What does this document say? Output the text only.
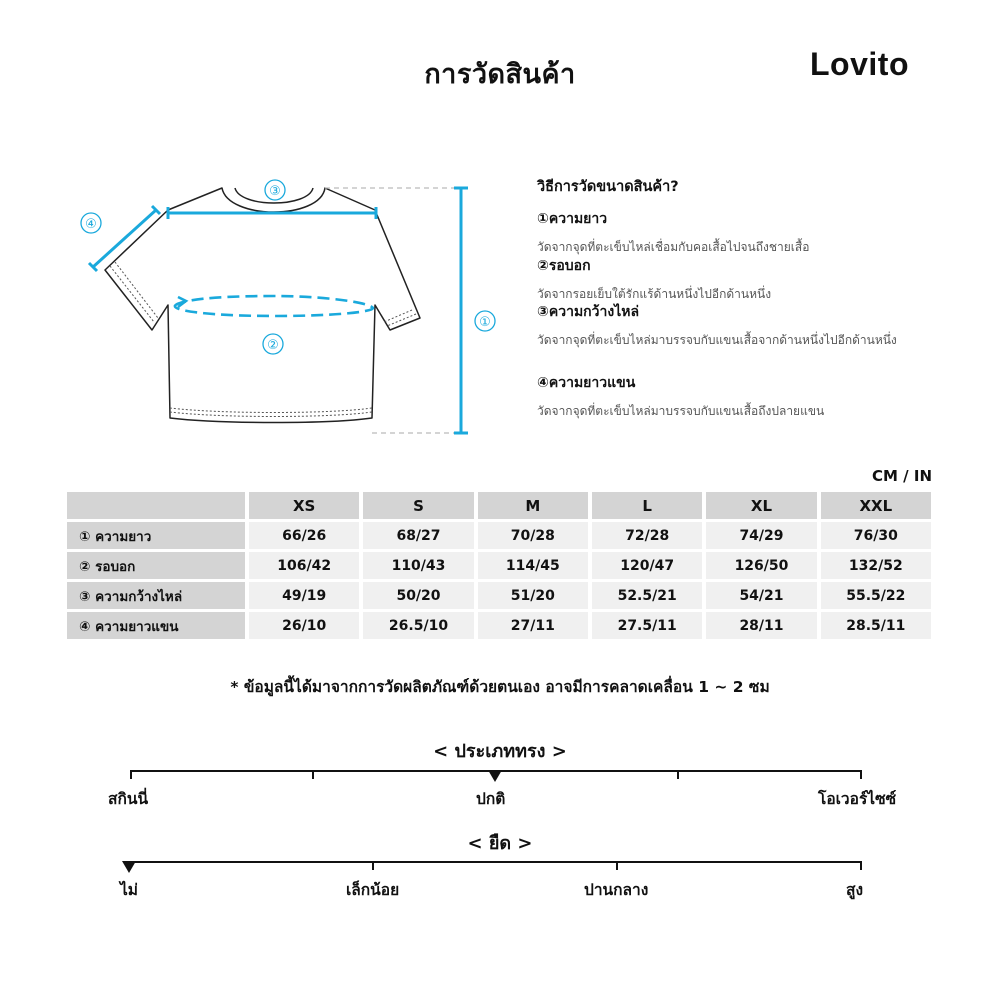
การวัดสินค้า	Lovito
①
②
③
④
วิธีการวัดขนาดสินค้า?
①ความยาว
วัดจากจุดที่ตะเข็บไหล่เชื่อมกับคอเสื้อไปจนถึงชายเสื้อ
②รอบอก
วัดจากรอยเย็บใต้รักแร้ด้านหนึ่งไปอีกด้านหนึ่ง
③ความกว้างไหล่
วัดจากจุดที่ตะเข็บไหล่มาบรรจบกับแขนเสื้อจากด้านหนึ่งไปอีกด้านหนึ่ง
④ความยาวแขน
วัดจากจุดที่ตะเข็บไหล่มาบรรจบกับแขนเสื้อถึงปลายแขน
CM / IN
	XS	S	M	L	XL	XXL
① ความยาว	66/26	68/27	70/28	72/28	74/29	76/30
② รอบอก	106/42	110/43	114/45	120/47	126/50	132/52
③ ความกว้างไหล่	49/19	50/20	51/20	52.5/21	54/21	55.5/22
④ ความยาวแขน	26/10	26.5/10	27/11	27.5/11	28/11	28.5/11
* ข้อมูลนี้ได้มาจากการวัดผลิตภัณฑ์ด้วยตนเอง อาจมีการคลาดเคลื่อน 1 ~ 2 ซม
< ประเภททรง >
สกินนี่	ปกติ	โอเวอร์ไซซ์
< ยืด >
ไม่	เล็กน้อย	ปานกลาง	สูง
